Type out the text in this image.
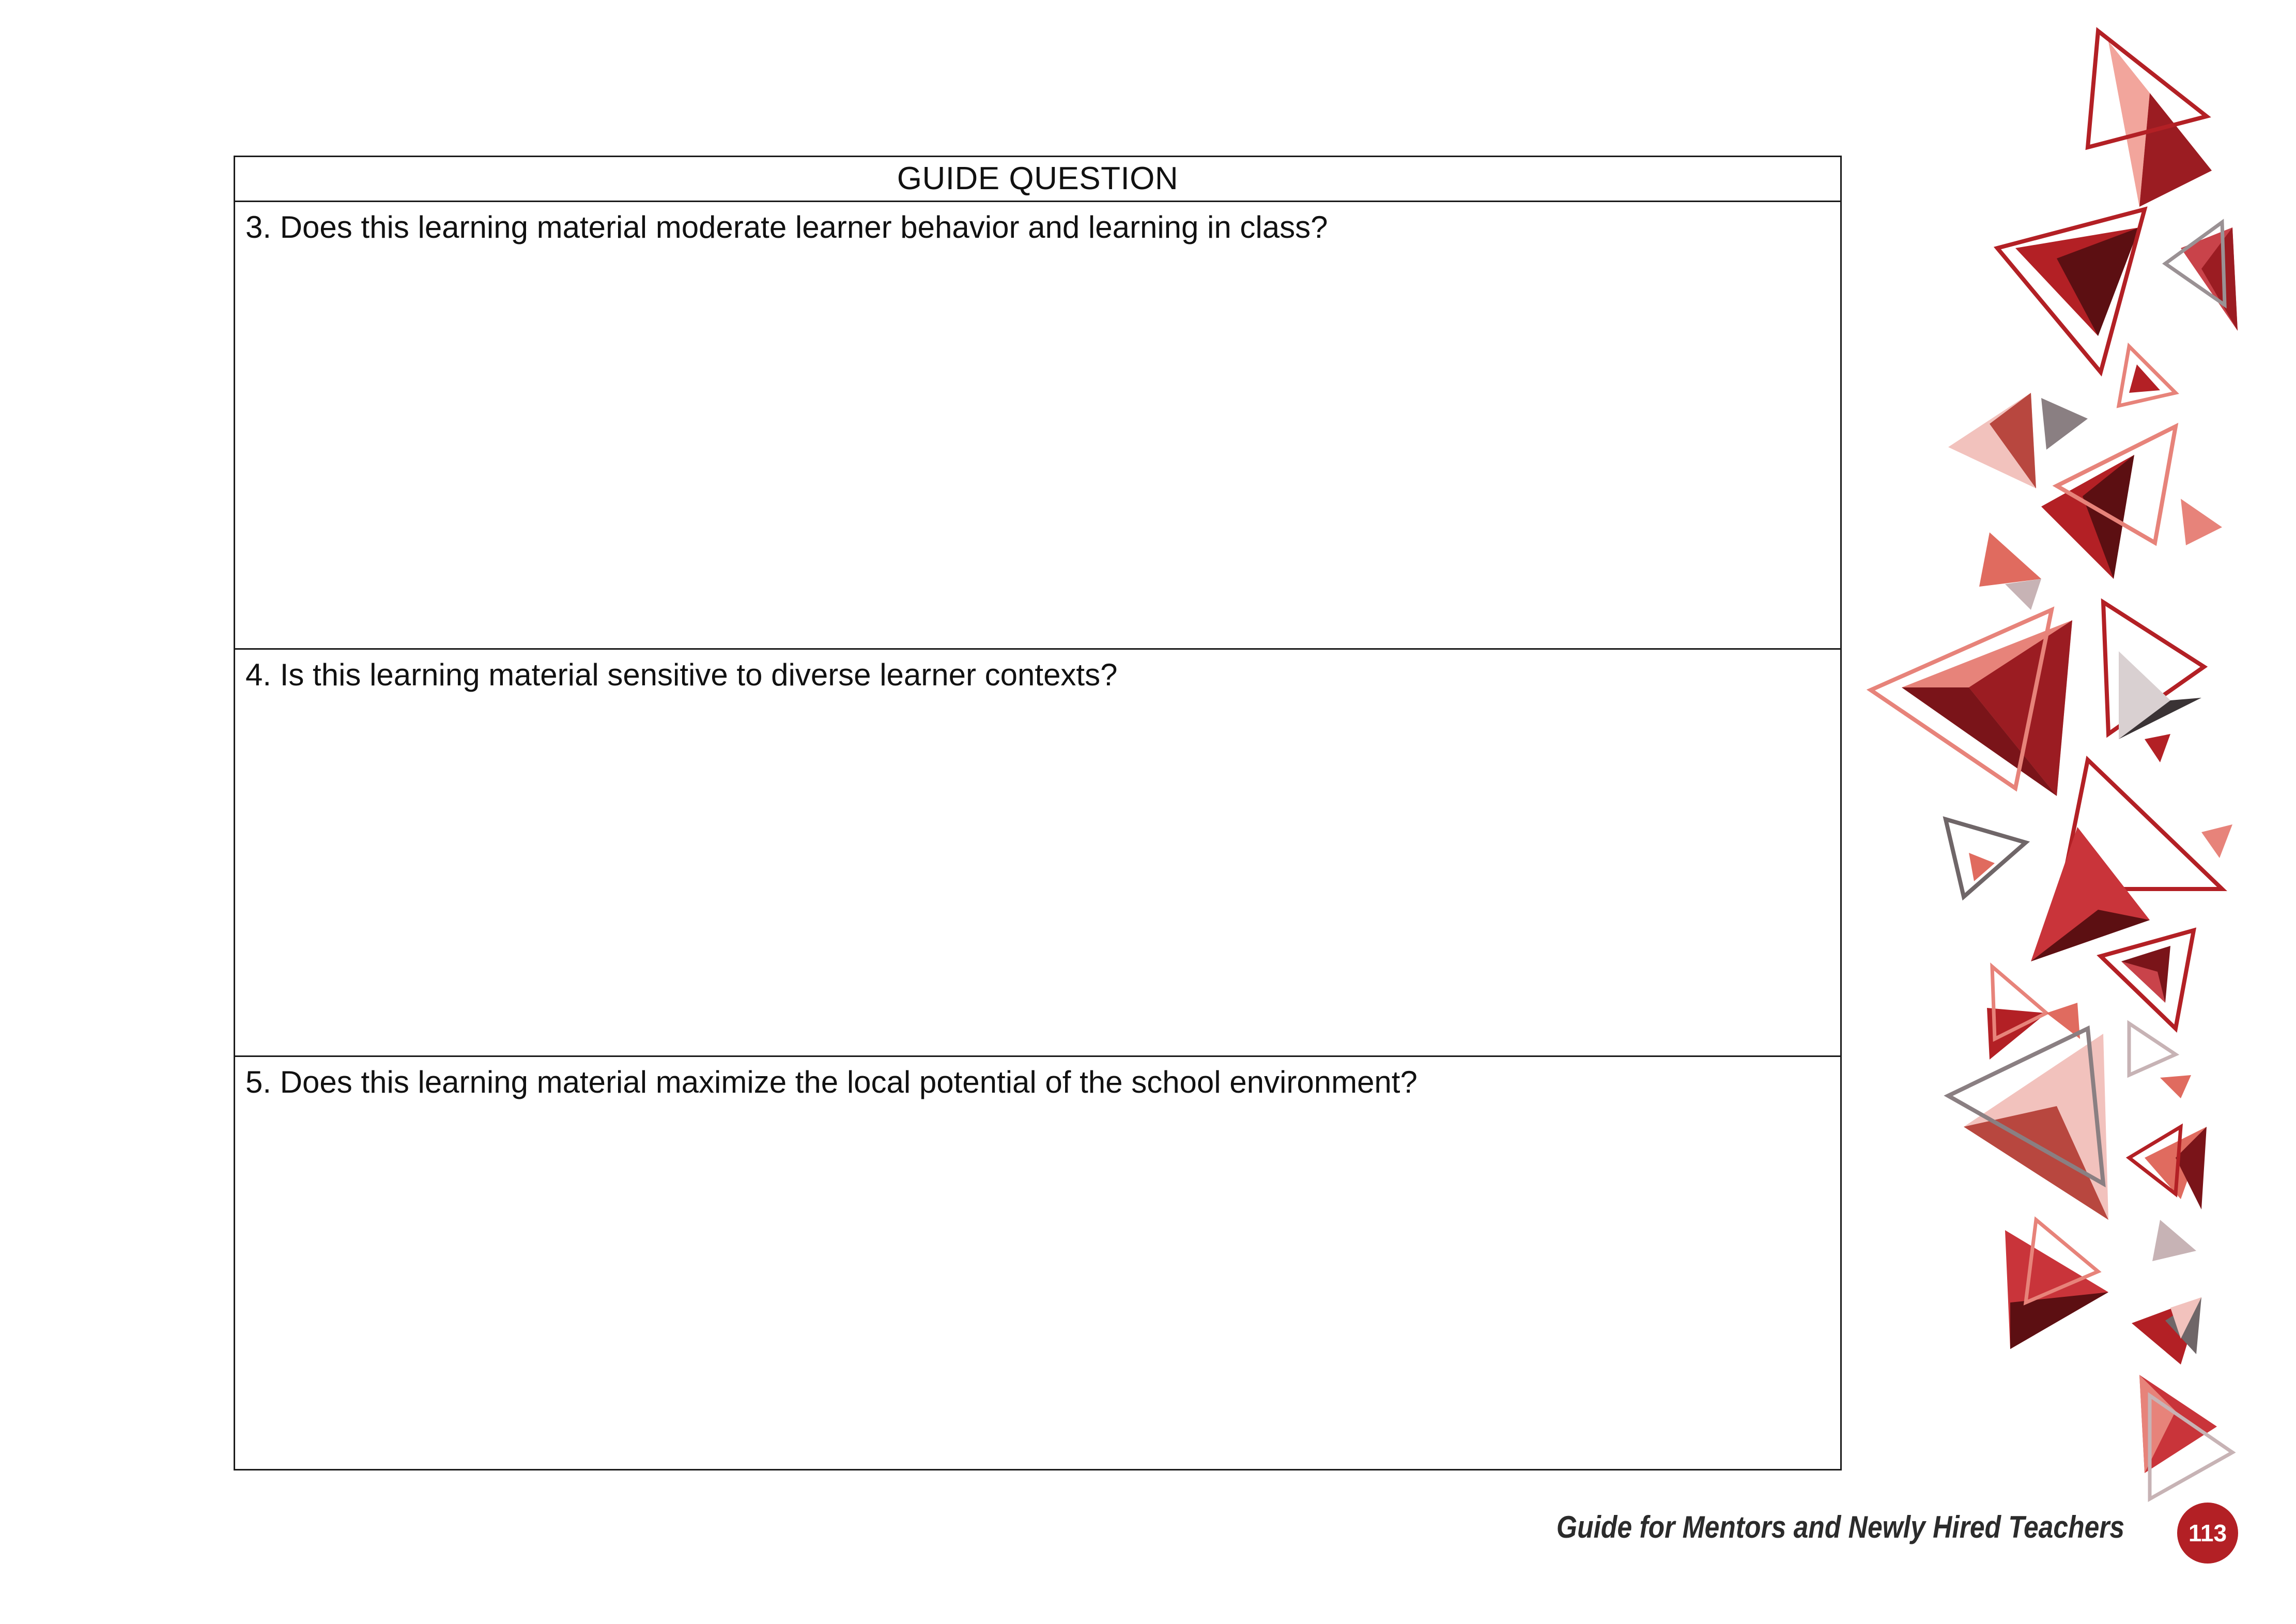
GUIDE QUESTION
3. Does this learning material moderate learner behavior and learning in class?
4. Is this learning material sensitive to diverse learner contexts?
5. Does this learning material maximize the local potential of the school environment?
Guide for Mentors and Newly Hired Teachers	113
